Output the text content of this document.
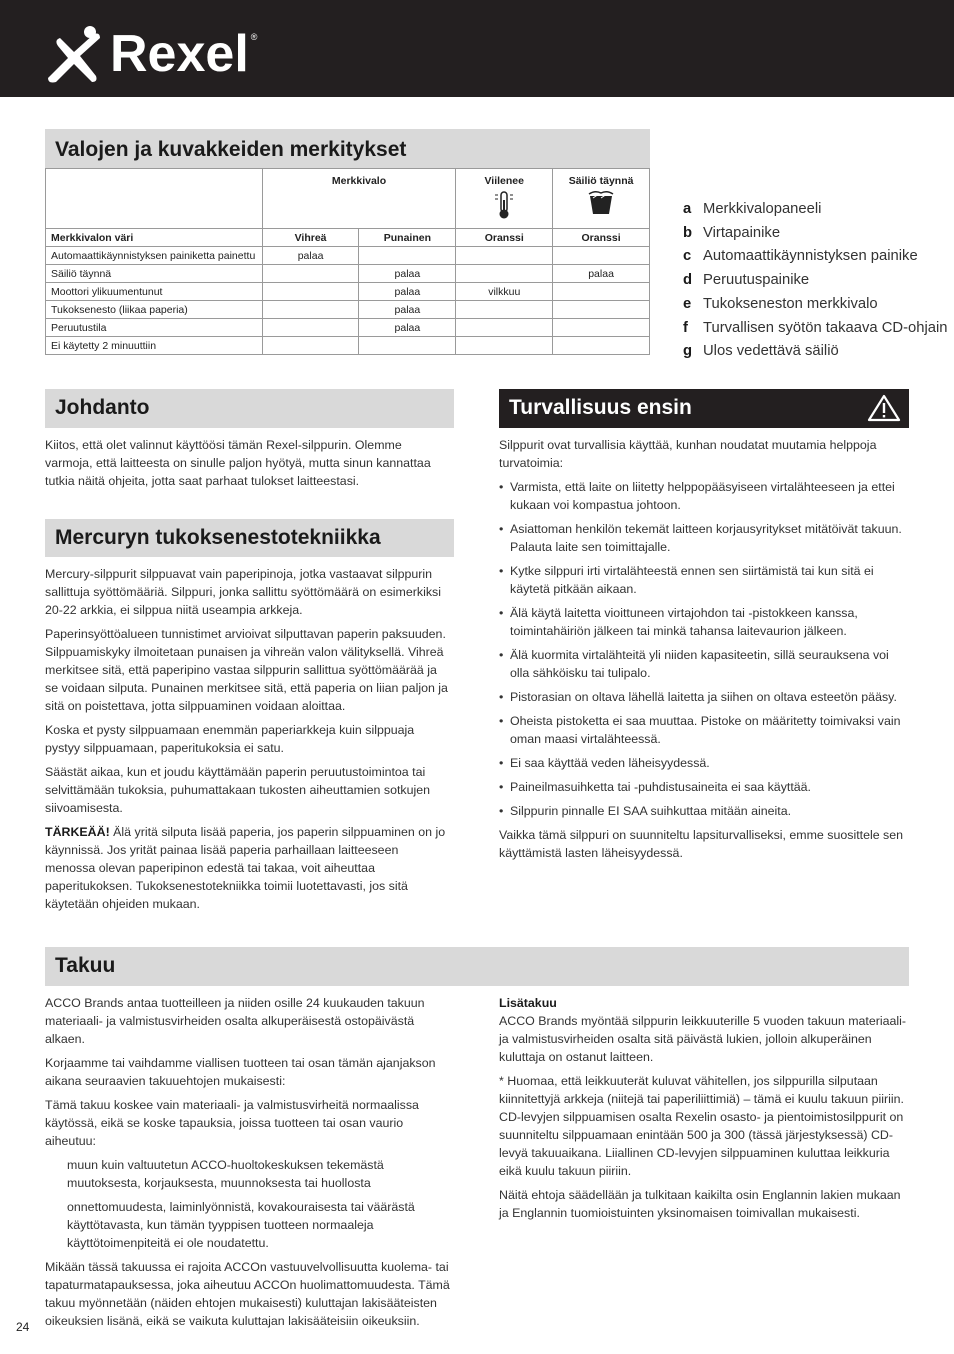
Rexel ®
Valojen ja kuvakkeiden merkitykset
	Merkkivalo		Viilenee	Säiliö täynnä

Merkkivalon väri	Vihreä	Punainen	Oranssi	Oranssi
Automaattikäynnistyksen painiketta painettu	palaa			
Säiliö täynnä		palaa		palaa
Moottori ylikuumentunut		palaa	vilkkuu	
Tukoksenesto (liikaa paperia)		palaa		
Peruutustila		palaa		
Ei käytetty 2 minuuttiin				
a Merkkivalopaneeli
b Virtapainike
c Automaattikäynnistyksen painike
d Peruutuspainike
e Tukokseneston merkkivalo
f	Turvallisen syötön takaava CD-ohjain
g Ulos vedettävä säiliö
Johdanto

Kiitos, että olet valinnut käyttöösi tämän Rexel-silppurin. Olemme varmoja, että laitteesta on sinulle paljon hyötyä, mutta sinun kannattaa tutkia näitä ohjeita, jotta saat parhaat tulokset laitteestasi.

Mercuryn tukoksenestotekniikka

Mercury-silppurit silppuavat vain paperipinoja, jotka vastaavat silppurin sallittuja syöttömääriä. Silppuri, jonka sallittu syöttömäärä on esimerkiksi 20-22 arkkia, ei silppua niitä useampia arkkeja.

Paperinsyöttöalueen tunnistimet arvioivat silputtavan paperin paksuuden. Silppuamiskyky ilmoitetaan punaisen ja vihreän valon välityksellä. Vihreä merkitsee sitä, että paperipino vastaa silppurin sallittua syöttömäärää ja se voidaan silputa. Punainen merkitsee sitä, että paperia on liian paljon ja sitä on poistettava, jotta silppuaminen voidaan aloittaa.

Koska et pysty silppuamaan enemmän paperiarkkeja kuin silppuaja pystyy silppuamaan, paperitukoksia ei satu.

Säästät aikaa, kun et joudu käyttämään paperin peruutustoimintoa tai selvittämään tukoksia, puhumattakaan tukosten aiheuttamien sotkujen siivoamisesta.

TÄRKEÄÄ! Älä yritä silputa lisää paperia, jos paperin silppuaminen on jo käynnissä. Jos yrität painaa lisää paperia parhaillaan laitteeseen menossa olevan paperipinon edestä tai takaa, voit aiheuttaa paperitukoksen. Tukoksenestotekniikka toimii luotettavasti, jos sitä käytetään ohjeiden mukaan.

Turvallisuus ensin

Silppurit ovat turvallisia käyttää, kunhan noudatat muutamia helppoja turvatoimia:

• Varmista, että laite on liitetty helppopääsyiseen virtalähteeseen ja ettei kukaan voi kompastua johtoon.
• Asiattoman henkilön tekemät laitteen korjausyritykset mitätöivät takuun. Palauta laite sen toimittajalle.
• Kytke silppuri irti virtalähteestä ennen sen siirtämistä tai kun sitä ei käytetä pitkään aikaan.
• Älä käytä laitetta vioittuneen virtajohdon tai -pistokkeen kanssa, toimintahäiriön jälkeen tai minkä tahansa laitevaurion jälkeen.
• Älä kuormita virtalähteitä yli niiden kapasiteetin, sillä seurauksena voi olla sähköisku tai tulipalo.
• Pistorasian on oltava lähellä laitetta ja siihen on oltava esteetön pääsy.
• Oheista pistoketta ei saa muuttaa. Pistoke on määritetty toimivaksi vain oman maasi virtalähteessä.
• Ei saa käyttää veden läheisyydessä.
• Paineilmasuihketta tai -puhdistusaineita ei saa käyttää.
• Silppurin pinnalle EI SAA suihkuttaa mitään aineita.

Vaikka tämä silppuri on suunniteltu lapsiturvalliseksi, emme suosittele sen käyttämistä lasten läheisyydessä.

Takuu

ACCO Brands antaa tuotteilleen ja niiden osille 24 kuukauden takuun materiaali- ja valmistusvirheiden osalta alkuperäisestä ostopäivästä alkaen.

Korjaamme tai vaihdamme viallisen tuotteen tai osan tämän ajanjakson aikana seuraavien takuuehtojen mukaisesti:

Tämä takuu koskee vain materiaali- ja valmistusvirheitä normaalissa käytössä, eikä se koske tapauksia, joissa tuotteen tai osan vaurio aiheutuu:

muun kuin valtuutetun ACCO-huoltokeskuksen tekemästä muutoksesta, korjauksesta, muunnoksesta tai huollosta

onnettomuudesta, laiminlyönnistä, kovakouraisesta tai väärästä käyttötavasta, kun tämän tyyppisen tuotteen normaaleja käyttötoimenpiteitä ei ole noudatettu.

Mikään tässä takuussa ei rajoita ACCOn vastuuvelvollisuutta kuolema- tai tapaturmatapauksessa, joka aiheutuu ACCOn huolimattomuudesta. Tämä takuu myönnetään (näiden ehtojen mukaisesti) kuluttajan lakisääteisten oikeuksien lisänä, eikä se vaikuta kuluttajan lakisääteisiin oikeuksiin.

Lisätakuu

ACCO Brands myöntää silppurin leikkuuterille 5 vuoden takuun materiaali- ja valmistusvirheiden osalta sitä päivästä lukien, jolloin alkuperäinen kuluttaja on ostanut laitteen.

* Huomaa, että leikkuuterät kuluvat vähitellen, jos silppurilla silputaan kiinnitettyjä arkkeja (niitejä tai paperiliittimiä) – tämä ei kuulu takuun piiriin. CD-levyjen silppuamisen osalta Rexelin osasto- ja pientoimistosilppurit on suunniteltu silppuamaan enintään 500 ja 300 (tässä järjestyksessä) CD-levyä takuuaikana. Liiallinen CD-levyjen silppuaminen kuluttaa leikkuria eikä kuulu takuun piiriin.

Näitä ehtoja säädellään ja tulkitaan kaikilta osin Englannin lakien mukaan ja Englannin tuomioistuinten yksinomaisen toimivallan mukaisesti.

24
